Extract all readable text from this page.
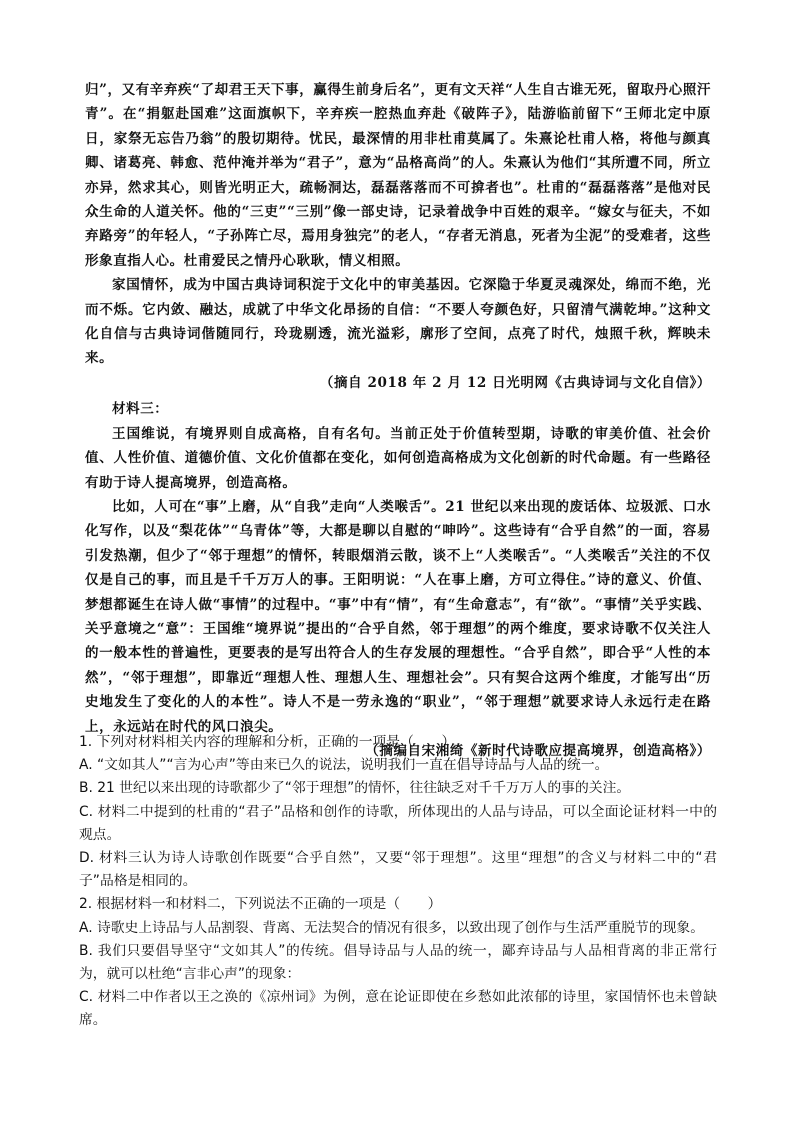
归”，又有辛弃疾“了却君王天下事，赢得生前身后名”，更有文天祥“人生自古谁无死，留取丹心照汗青”。在“捐躯赴国难”这面旗帜下，辛弃疾一腔热血弃赴《破阵子》，陆游临前留下“王师北定中原日，家祭无忘告乃翁”的殷切期待。忧民，最深情的用非杜甫莫属了。朱熹论杜甫人格，将他与颜真卿、诸葛亮、韩愈、范仲淹并举为“君子”，意为“品格高尚”的人。朱熹认为他们“其所遭不同，所立亦异，然求其心，则皆光明正大，疏畅洞达，磊磊落落而不可揜者也”。杜甫的“磊磊落落”是他对民众生命的人道关怀。他的“三吏”“三别”像一部史诗，记录着战争中百姓的艰辛。“嫁女与征夫，不如弃路旁”的年轻人，“子孙阵亡尽，焉用身独完”的老人，“存者无消息，死者为尘泥”的受难者，这些形象直指人心。杜甫爱民之情丹心耿耿，情义相照。

家国情怀，成为中国古典诗词积淀于文化中的审美基因。它深隐于华夏灵魂深处，绵而不绝，光而不烁。它内敛、融达，成就了中华文化昂扬的自信：“不要人夸颜色好，只留清气满乾坤。”这种文化自信与古典诗词偕随同行，玲珑剔透，流光溢彩，廓形了空间，点亮了时代，烛照千秋，辉映未来。

（摘自 2018 年 2 月 12 日光明网《古典诗词与文化自信》）

材料三：

王国维说，有境界则自成高格，自有名句。当前正处于价值转型期，诗歌的审美价值、社会价值、人性价值、道德价值、文化价值都在变化，如何创造高格成为文化创新的时代命题。有一些路径有助于诗人提高境界，创造高格。

比如，人可在“事”上磨，从“自我”走向“人类喉舌”。21 世纪以来出现的废话体、垃圾派、口水化写作，以及“梨花体”“乌青体”等，大都是聊以自慰的“呻吟”。这些诗有“合乎自然”的一面，容易引发热潮，但少了“邻于理想”的情怀，转眼烟消云散，谈不上“人类喉舌”。“人类喉舌”关注的不仅仅是自己的事，而且是千千万万人的事。王阳明说：“人在事上磨，方可立得住。”诗的意义、价值、梦想都诞生在诗人做“事情”的过程中。“事”中有“情”，有“生命意志”，有“欲”。“事情”关乎实践、关乎意境之“意”：王国维“境界说”提出的“合乎自然，邻于理想”的两个维度，要求诗歌不仅关注人的一般本性的普遍性，更要表的是写出符合人的生存发展的理想性。“合乎自然”，即合乎“人性的本然”，“邻于理想”，即靠近“理想人性、理想人生、理想社会”。只有契合这两个维度，才能写出“历史地发生了变化的人的本性”。诗人不是一劳永逸的“职业”，“邻于理想”就要求诗人永远行走在路上，永远站在时代的风口浪尖。

（摘编自宋湘绮《新时代诗歌应提高境界，创造高格》）

1. 下列对材料相关内容的理解和分析，正确的一项是（　　）

A. “文如其人”“言为心声”等由来已久的说法，说明我们一直在倡导诗品与人品的统一。

B. 21 世纪以来出现的诗歌都少了“邻于理想”的情怀，往往缺乏对千千万万人的事的关注。

C. 材料二中提到的杜甫的“君子”品格和创作的诗歌，所体现出的人品与诗品，可以全面论证材料一中的观点。

D. 材料三认为诗人诗歌创作既要“合乎自然”，又要“邻于理想”。这里“理想”的含义与材料二中的“君子”品格是相同的。

2. 根据材料一和材料二，下列说法不正确的一项是（　　）

A. 诗歌史上诗品与人品割裂、背离、无法契合的情况有很多，以致出现了创作与生活严重脱节的现象。

B. 我们只要倡导坚守“文如其人”的传统。倡导诗品与人品的统一，鄙弃诗品与人品相背离的非正常行为，就可以杜绝“言非心声”的现象：

C. 材料二中作者以王之涣的《凉州词》为例，意在论证即使在乡愁如此浓郁的诗里，家国情怀也未曾缺席。
